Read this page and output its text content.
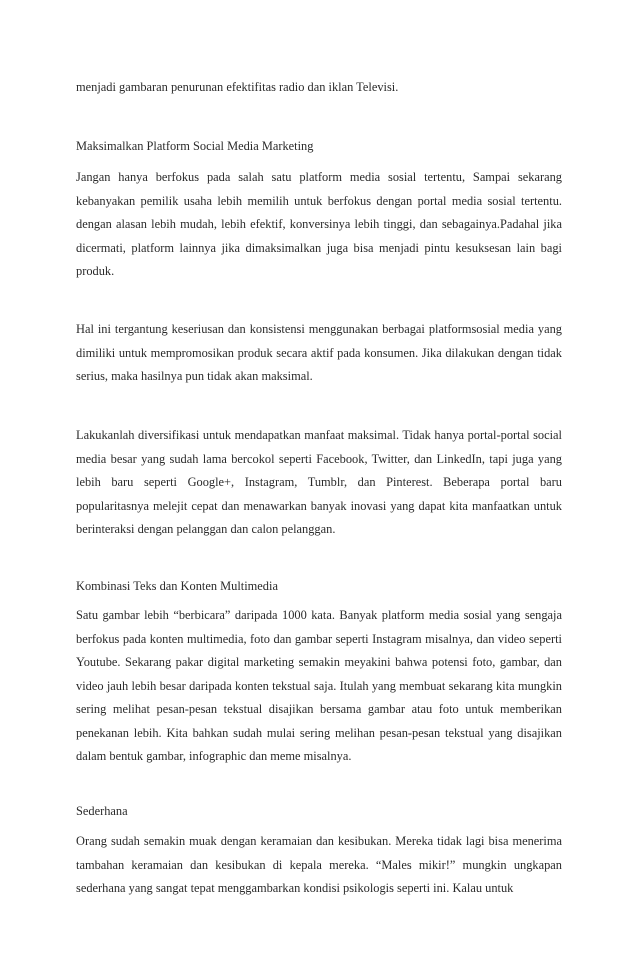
menjadi gambaran penurunan efektifitas radio dan iklan Televisi.

Maksimalkan Platform Social Media Marketing

Jangan hanya berfokus pada salah satu platform media sosial tertentu, Sampai sekarang kebanyakan pemilik usaha lebih memilih untuk berfokus dengan portal media sosial tertentu. dengan alasan lebih mudah, lebih efektif, konversinya lebih tinggi, dan sebagainya.Padahal jika dicermati, platform lainnya jika dimaksimalkan juga bisa menjadi pintu kesuksesan lain bagi produk.

Hal ini tergantung keseriusan dan konsistensi menggunakan berbagai platformsosial media yang dimiliki untuk mempromosikan produk secara aktif pada konsumen. Jika dilakukan dengan tidak serius, maka hasilnya pun tidak akan maksimal.

Lakukanlah diversifikasi untuk mendapatkan manfaat maksimal. Tidak hanya portal-portal social media besar yang sudah lama bercokol seperti Facebook, Twitter, dan LinkedIn, tapi juga yang lebih baru seperti Google+, Instagram, Tumblr, dan Pinterest. Beberapa portal baru popularitasnya melejit cepat dan menawarkan banyak inovasi yang dapat kita manfaatkan untuk berinteraksi dengan pelanggan dan calon pelanggan.

Kombinasi Teks dan Konten Multimedia

Satu gambar lebih “berbicara” daripada 1000 kata. Banyak platform media sosial yang sengaja berfokus pada konten multimedia, foto dan gambar seperti Instagram misalnya, dan video seperti Youtube. Sekarang pakar digital marketing semakin meyakini bahwa potensi foto, gambar, dan video jauh lebih besar daripada konten tekstual saja. Itulah yang membuat sekarang kita mungkin sering melihat pesan-pesan tekstual disajikan bersama gambar atau foto untuk memberikan penekanan lebih. Kita bahkan sudah mulai sering melihan pesan-pesan tekstual yang disajikan dalam bentuk gambar, infographic dan meme misalnya.

Sederhana

Orang sudah semakin muak dengan keramaian dan kesibukan. Mereka tidak lagi bisa menerima tambahan keramaian dan kesibukan di kepala mereka. “Males mikir!” mungkin ungkapan sederhana yang sangat tepat menggambarkan kondisi psikologis seperti ini. Kalau untuk
